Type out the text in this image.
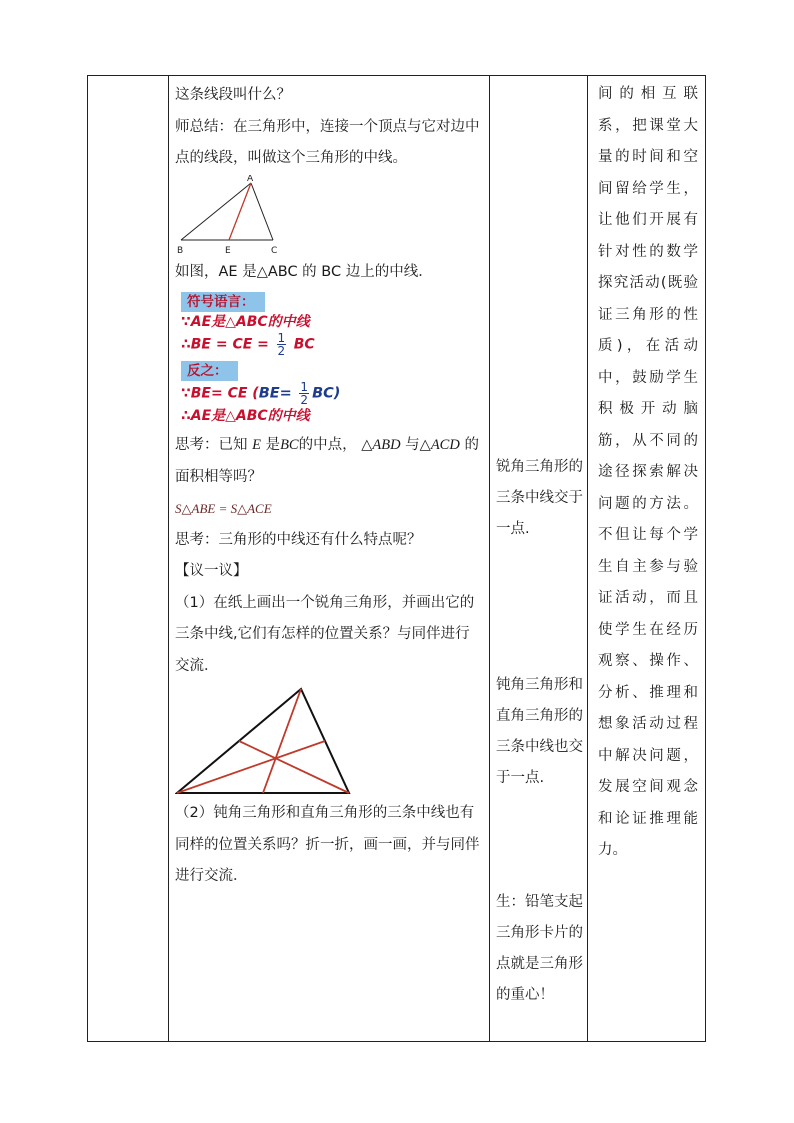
这条线段叫什么？

师总结：在三角形中，连接一个顶点与它对边中点的线段，叫做这个三角形的中线。

A
B	E	C

如图，AE 是△ABC 的 BC 边上的中线．

符号语言：
∵AE是△ABC的中线
∴BE = CE = $\frac{1}{2}$ BC
反之：
∵BE= CE $(BE= \frac{1}{2} BC)$
∴AE是△ABC的中线

思考：已知 E 是BC的中点， △ABD 与△ACD 的面积相等吗？

S△ABE = S△ACE

思考：三角形的中线还有什么特点呢？

【议一议】

（1）在纸上画出一个锐角三角形，并画出它的三条中线,它们有怎样的位置关系？与同伴进行交流．

（2）钝角三角形和直角三角形的三条中线也有同样的位置关系吗？折一折，画一画，并与同伴进行交流．

锐角三角形的三条中线交于一点.
钝角三角形和直角三角形的三条中线也交于一点.
生：铅笔支起三角形卡片的点就是三角形的重心！
间的相互联系，把课堂大量的时间和空间留给学生，让他们开展有针对性的数学探究活动(既验证三角形的性质)，在活动中，鼓励学生积极开动脑筋，从不同的途径探索解决问题的方法。不但让每个学生自主参与验证活动，而且使学生在经历观察、操作、分析、推理和想象活动过程中解决问题，发展空间观念和论证推理能力。
